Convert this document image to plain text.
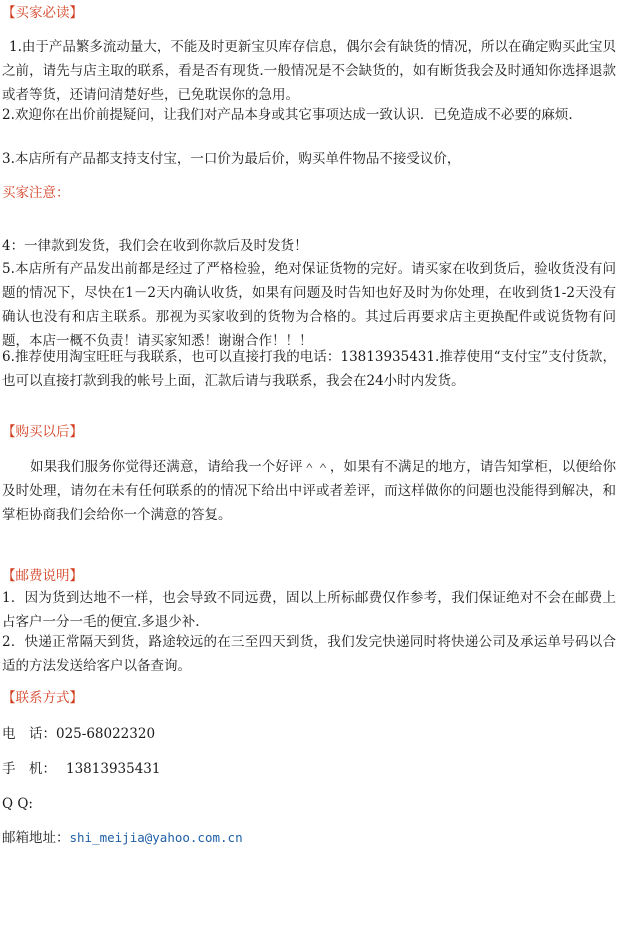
【买家必读】
1.由于产品繁多流动量大，不能及时更新宝贝库存信息，偶尔会有缺货的情况，所以在确定购买此宝贝之前，请先与店主取的联系，看是否有现货.一般情况是不会缺货的，如有断货我会及时通知你选择退款或者等货，还请问清楚好些，已免耽误你的急用。
2.欢迎你在出价前提疑问，让我们对产品本身或其它事项达成一致认识．已免造成不必要的麻烦.
3.本店所有产品都支持支付宝，一口价为最后价，购买单件物品不接受议价，
买家注意：
4：一律款到发货，我们会在收到你款后及时发货！
5.本店所有产品发出前都是经过了严格检验，绝对保证货物的完好。请买家在收到货后，验收货没有问题的情况下，尽快在1－2天内确认收货，如果有问题及时告知也好及时为你处理，在收到货1-2天没有确认也没有和店主联系。那视为买家收到的货物为合格的。其过后再要求店主更换配件或说货物有问题，本店一概不负责！请买家知悉！谢谢合作！！！
6.推荐使用淘宝旺旺与我联系，也可以直接打我的电话：13813935431.推荐使用“支付宝”支付货款，也可以直接打款到我的帐号上面，汇款后请与我联系，我会在24小时内发货。
【购买以后】
如果我们服务你觉得还满意，请给我一个好评＾＾，如果有不满足的地方，请告知掌柜，以便给你及时处理，请勿在未有任何联系的的情况下给出中评或者差评，而这样做你的问题也没能得到解决，和掌柜协商我们会给你一个满意的答复。
【邮费说明】
1．因为货到达地不一样，也会导致不同远费，固以上所标邮费仅作参考，我们保证绝对不会在邮费上占客户一分一毛的便宜.多退少补.
2．快递正常隔天到货，路途较远的在三至四天到货，我们发完快递同时将快递公司及承运单号码以合适的方法发送给客户以备查询。
【联系方式】
电　话：025-68022320
手　机： 13813935431
Q Q:
邮箱地址：shi_meijia@yahoo.com.cn
